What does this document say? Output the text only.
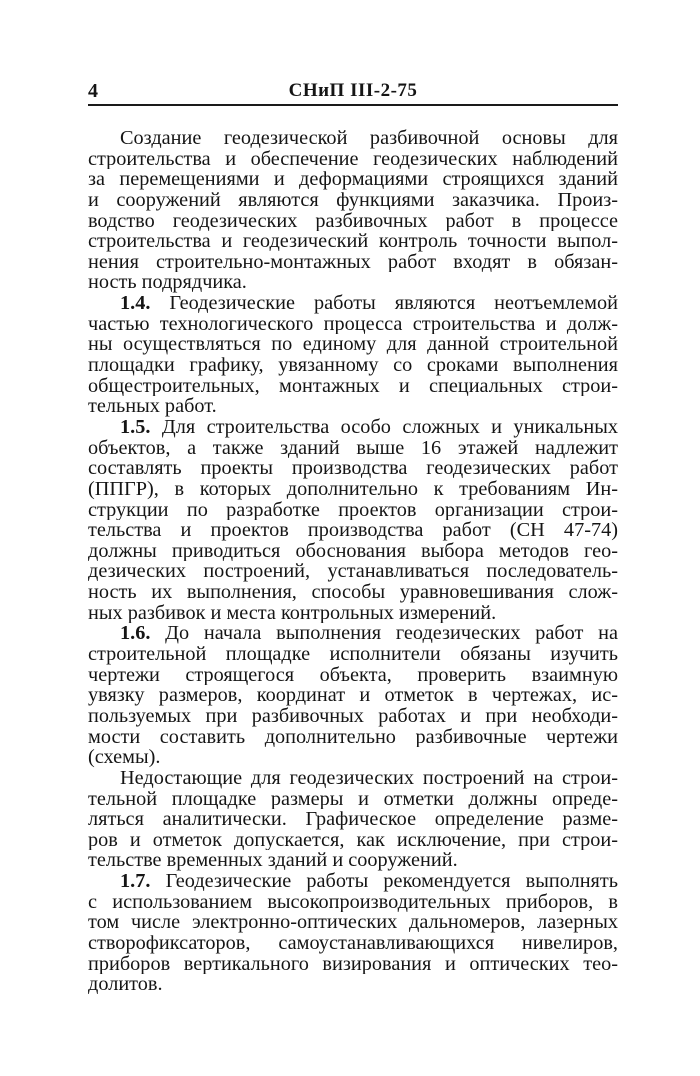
4	СНиП III-2-75
Создание геодезической разбивочной основы для
строительства и обеспечение геодезических наблюдений
за перемещениями и деформациями строящихся зданий
и сооружений являются функциями заказчика. Произ-
водство геодезических разбивочных работ в процессе
строительства и геодезический контроль точности выпол-
нения строительно-монтажных работ входят в обязан-
ность подрядчика.
1.4. Геодезические работы являются неотъемлемой
частью технологического процесса строительства и долж-
ны осуществляться по единому для данной строительной
площадки графику, увязанному со сроками выполнения
общестроительных, монтажных и специальных строи-
тельных работ.
1.5. Для строительства особо сложных и уникальных
объектов, а также зданий выше 16 этажей надлежит
составлять проекты производства геодезических работ
(ППГР), в которых дополнительно к требованиям Ин-
струкции по разработке проектов организации строи-
тельства и проектов производства работ (СН 47-74)
должны приводиться обоснования выбора методов гео-
дезических построений, устанавливаться последователь-
ность их выполнения, способы уравновешивания слож-
ных разбивок и места контрольных измерений.
1.6. До начала выполнения геодезических работ на
строительной площадке исполнители обязаны изучить
чертежи строящегося объекта, проверить взаимную
увязку размеров, координат и отметок в чертежах, ис-
пользуемых при разбивочных работах и при необходи-
мости составить дополнительно разбивочные чертежи
(схемы).
Недостающие для геодезических построений на строи-
тельной площадке размеры и отметки должны опреде-
ляться аналитически. Графическое определение разме-
ров и отметок допускается, как исключение, при строи-
тельстве временных зданий и сооружений.
1.7. Геодезические работы рекомендуется выполнять
с использованием высокопроизводительных приборов, в
том числе электронно-оптических дальномеров, лазерных
створофиксаторов, самоустанавливающихся нивелиров,
приборов вертикального визирования и оптических тео-
долитов.
